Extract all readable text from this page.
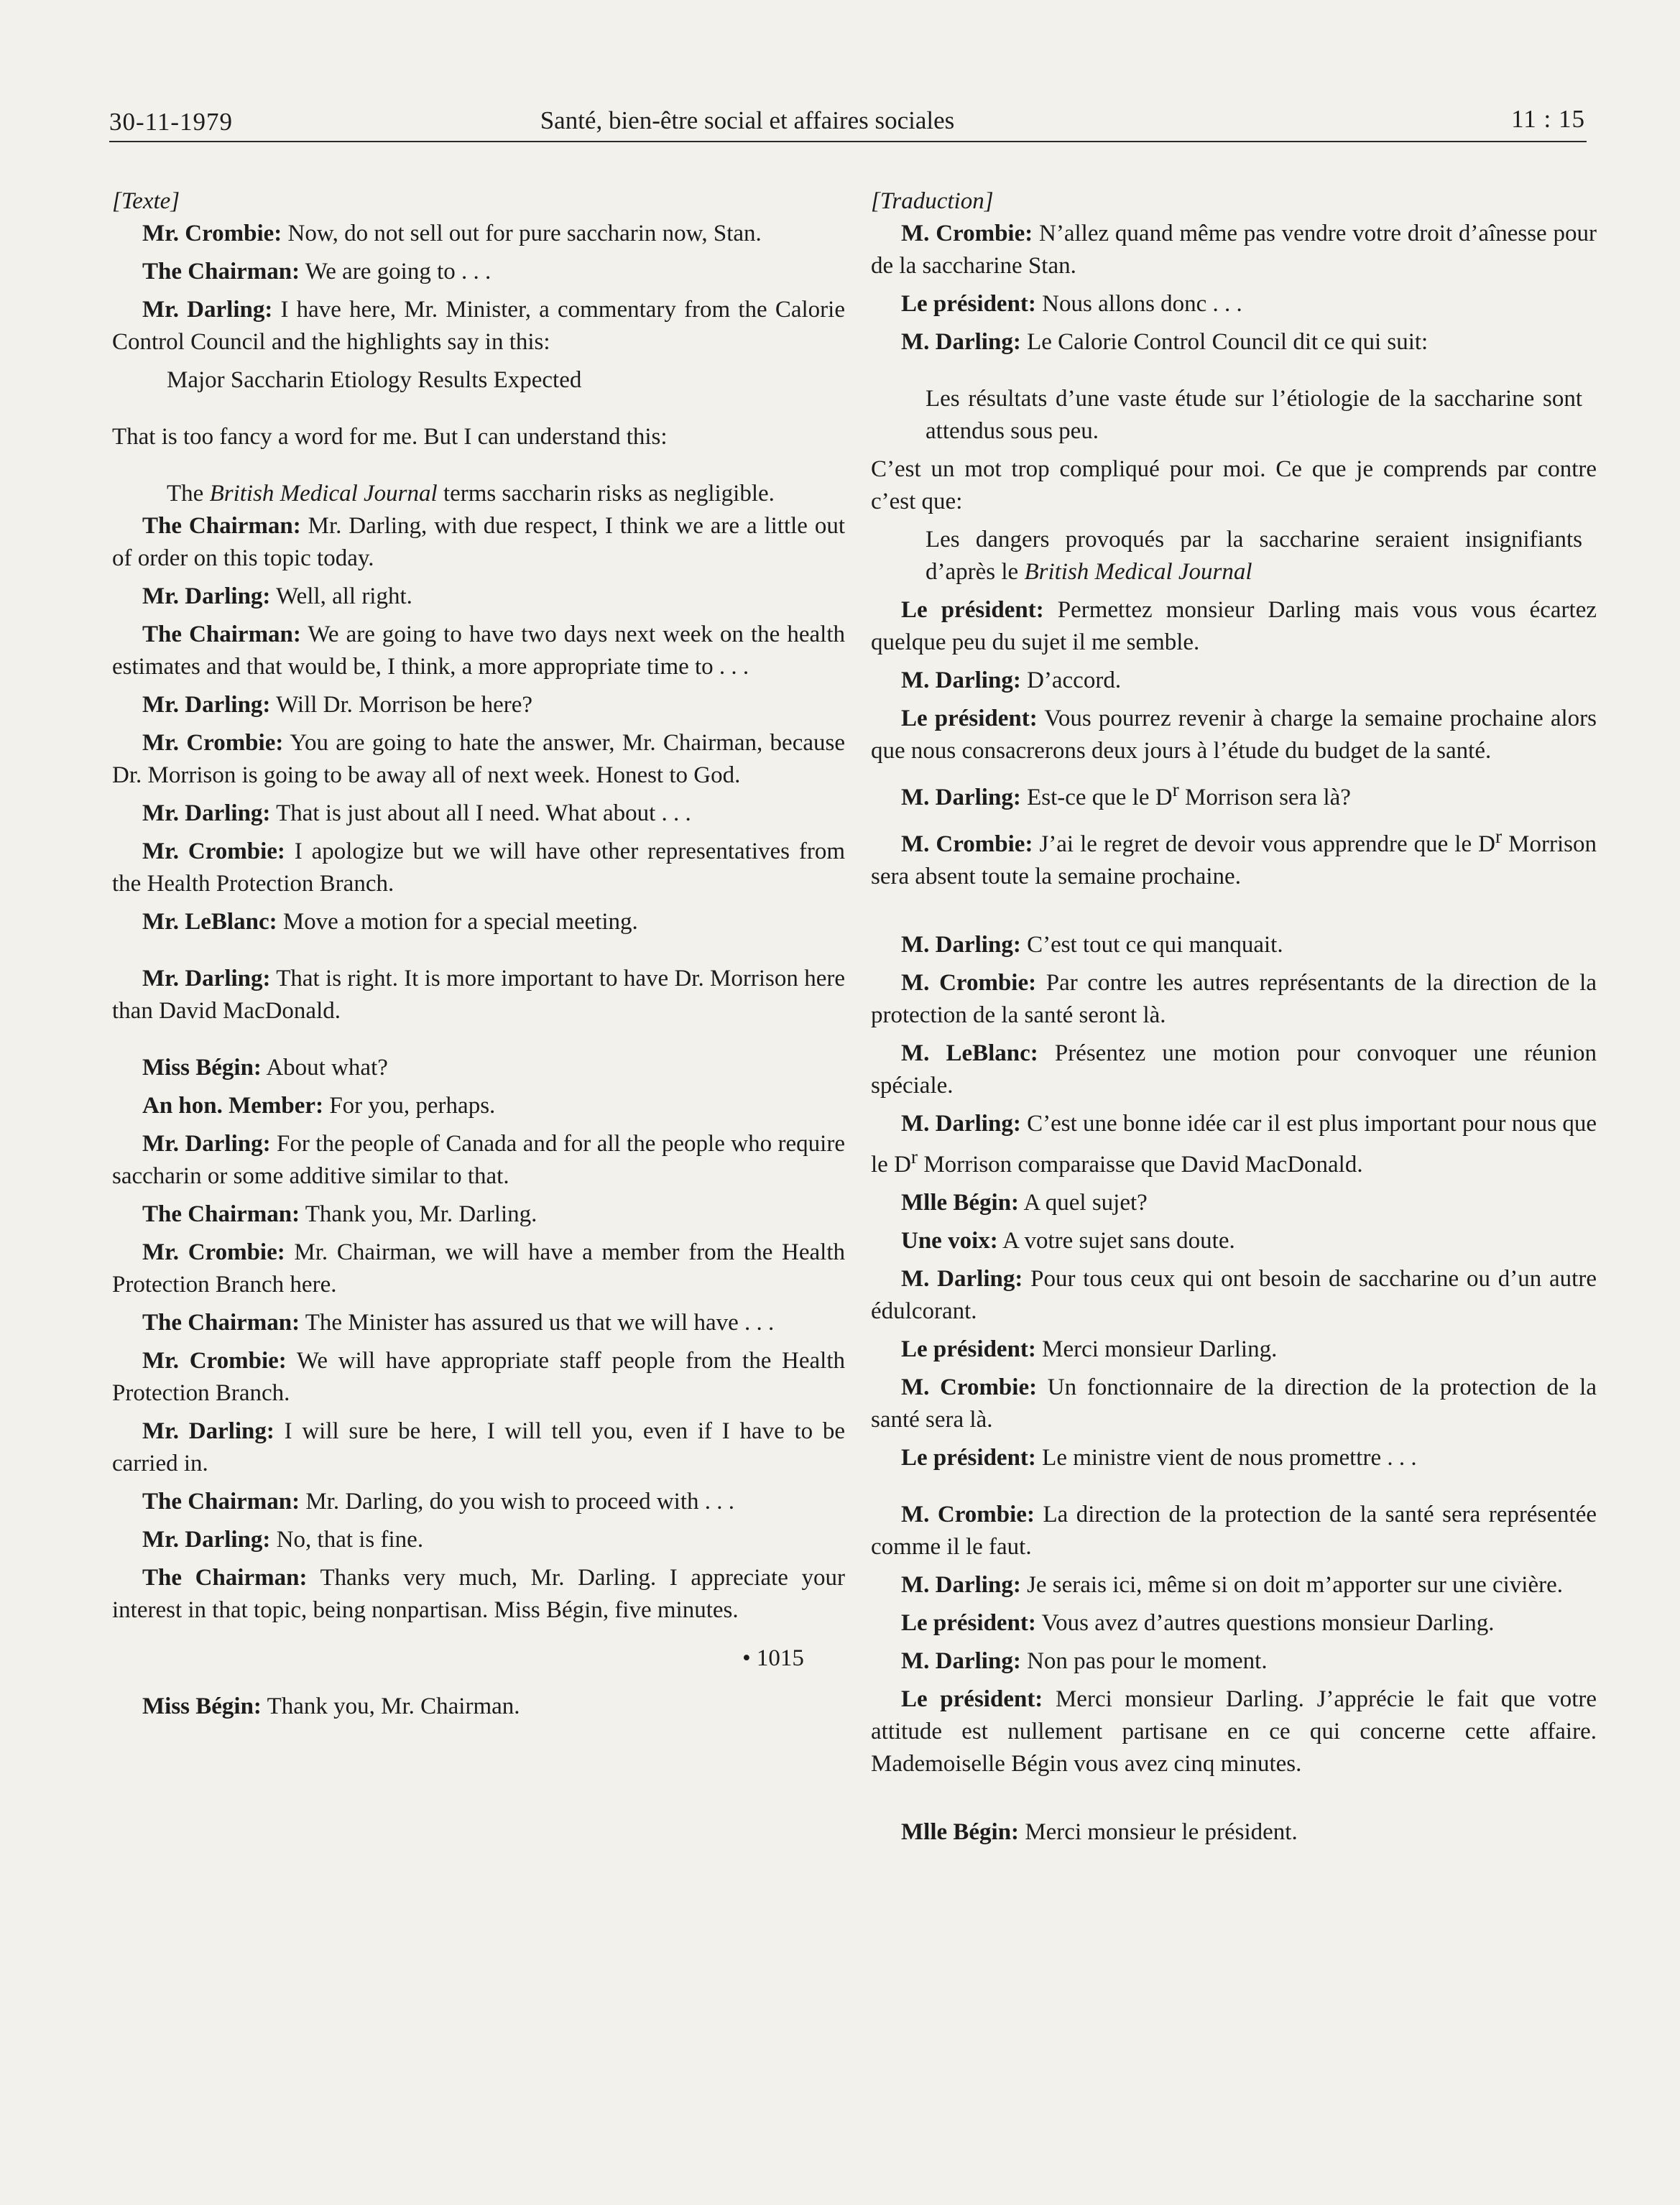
30-11-1979	Santé, bien-être social et affaires sociales	11 : 15

[Texte]

Mr. Crombie: Now, do not sell out for pure saccharin now, Stan.

The Chairman: We are going to . . .

Mr. Darling: I have here, Mr. Minister, a commentary from the Calorie Control Council and the highlights say in this:

Major Saccharin Etiology Results Expected

That is too fancy a word for me. But I can understand this:

The British Medical Journal terms saccharin risks as negligible.

The Chairman: Mr. Darling, with due respect, I think we are a little out of order on this topic today.

Mr. Darling: Well, all right.

The Chairman: We are going to have two days next week on the health estimates and that would be, I think, a more appropriate time to . . .

Mr. Darling: Will Dr. Morrison be here?

Mr. Crombie: You are going to hate the answer, Mr. Chairman, because Dr. Morrison is going to be away all of next week. Honest to God.

Mr. Darling: That is just about all I need. What about . . .

Mr. Crombie: I apologize but we will have other representatives from the Health Protection Branch.

Mr. LeBlanc: Move a motion for a special meeting.

Mr. Darling: That is right. It is more important to have Dr. Morrison here than David MacDonald.

Miss Bégin: About what?

An hon. Member: For you, perhaps.

Mr. Darling: For the people of Canada and for all the people who require saccharin or some additive similar to that.

The Chairman: Thank you, Mr. Darling.

Mr. Crombie: Mr. Chairman, we will have a member from the Health Protection Branch here.

The Chairman: The Minister has assured us that we will have . . .

Mr. Crombie: We will have appropriate staff people from the Health Protection Branch.

Mr. Darling: I will sure be here, I will tell you, even if I have to be carried in.

The Chairman: Mr. Darling, do you wish to proceed with . . .

Mr. Darling: No, that is fine.

The Chairman: Thanks very much, Mr. Darling. I appreciate your interest in that topic, being nonpartisan. Miss Bégin, five minutes.

• 1015

Miss Bégin: Thank you, Mr. Chairman.

[Traduction]

M. Crombie: N’allez quand même pas vendre votre droit d’aînesse pour de la saccharine Stan.

Le président: Nous allons donc . . .

M. Darling: Le Calorie Control Council dit ce qui suit:

Les résultats d’une vaste étude sur l’étiologie de la saccharine sont attendus sous peu.

C’est un mot trop compliqué pour moi. Ce que je comprends par contre c’est que:

Les dangers provoqués par la saccharine seraient insignifiants d’après le British Medical Journal

Le président: Permettez monsieur Darling mais vous vous écartez quelque peu du sujet il me semble.

M. Darling: D’accord.

Le président: Vous pourrez revenir à charge la semaine prochaine alors que nous consacrerons deux jours à l’étude du budget de la santé.

M. Darling: Est-ce que le $D^r$ Morrison sera là?

M. Crombie: J’ai le regret de devoir vous apprendre que le $D^r$ Morrison sera absent toute la semaine prochaine.

M. Darling: C’est tout ce qui manquait.

M. Crombie: Par contre les autres représentants de la direction de la protection de la santé seront là.

M. LeBlanc: Présentez une motion pour convoquer une réunion spéciale.

M. Darling: C’est une bonne idée car il est plus important pour nous que le $D^r$ Morrison comparaisse que David MacDonald.

Mlle Bégin: A quel sujet?

Une voix: A votre sujet sans doute.

M. Darling: Pour tous ceux qui ont besoin de saccharine ou d’un autre édulcorant.

Le président: Merci monsieur Darling.

M. Crombie: Un fonctionnaire de la direction de la protection de la santé sera là.

Le président: Le ministre vient de nous promettre . . .

M. Crombie: La direction de la protection de la santé sera représentée comme il le faut.

M. Darling: Je serais ici, même si on doit m’apporter sur une civière.

Le président: Vous avez d’autres questions monsieur Darling.

M. Darling: Non pas pour le moment.

Le président: Merci monsieur Darling. J’apprécie le fait que votre attitude est nullement partisane en ce qui concerne cette affaire. Mademoiselle Bégin vous avez cinq minutes.

Mlle Bégin: Merci monsieur le président.
